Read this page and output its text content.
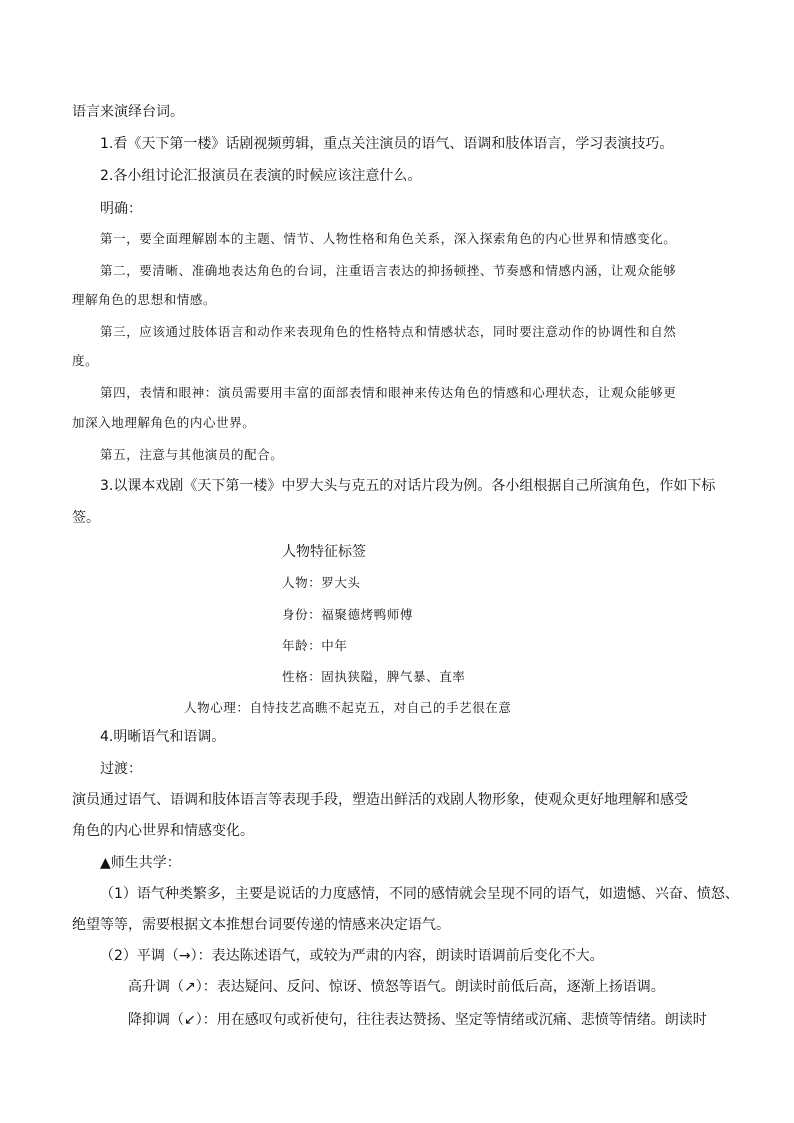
语言来演绎台词。
1.看《天下第一楼》话剧视频剪辑，重点关注演员的语气、语调和肢体语言，学习表演技巧。
2.各小组讨论汇报演员在表演的时候应该注意什么。
明确：
第一，要全面理解剧本的主题、情节、人物性格和角色关系，深入探索角色的内心世界和情感变化。
第二，要清晰、准确地表达角色的台词，注重语言表达的抑扬顿挫、节奏感和情感内涵，让观众能够
理解角色的思想和情感。
第三，应该通过肢体语言和动作来表现角色的性格特点和情感状态，同时要注意动作的协调性和自然
度。
第四，表情和眼神：演员需要用丰富的面部表情和眼神来传达角色的情感和心理状态，让观众能够更
加深入地理解角色的内心世界。
第五，注意与其他演员的配合。
3.以课本戏剧《天下第一楼》中罗大头与克五的对话片段为例。各小组根据自己所演角色，作如下标
签。
人物特征标签
人物：罗大头
身份：福聚德烤鸭师傅
年龄：中年
性格：固执狭隘，脾气暴、直率
人物心理：自恃技艺高瞧不起克五，对自己的手艺很在意
4.明晰语气和语调。
过渡：
演员通过语气、语调和肢体语言等表现手段，塑造出鲜活的戏剧人物形象，使观众更好地理解和感受
角色的内心世界和情感变化。
▲师生共学：
（1）语气种类繁多，主要是说话的力度感情，不同的感情就会呈现不同的语气，如遗憾、兴奋、愤怒、
绝望等等，需要根据文本推想台词要传递的情感来决定语气。
（2）平调（→）：表达陈述语气，或较为严肃的内容，朗读时语调前后变化不大。
高升调（↗）：表达疑问、反问、惊讶、愤怒等语气。朗读时前低后高，逐渐上扬语调。
降抑调（↙）：用在感叹句或祈使句，往往表达赞扬、坚定等情绪或沉痛、悲愤等情绪。朗读时
